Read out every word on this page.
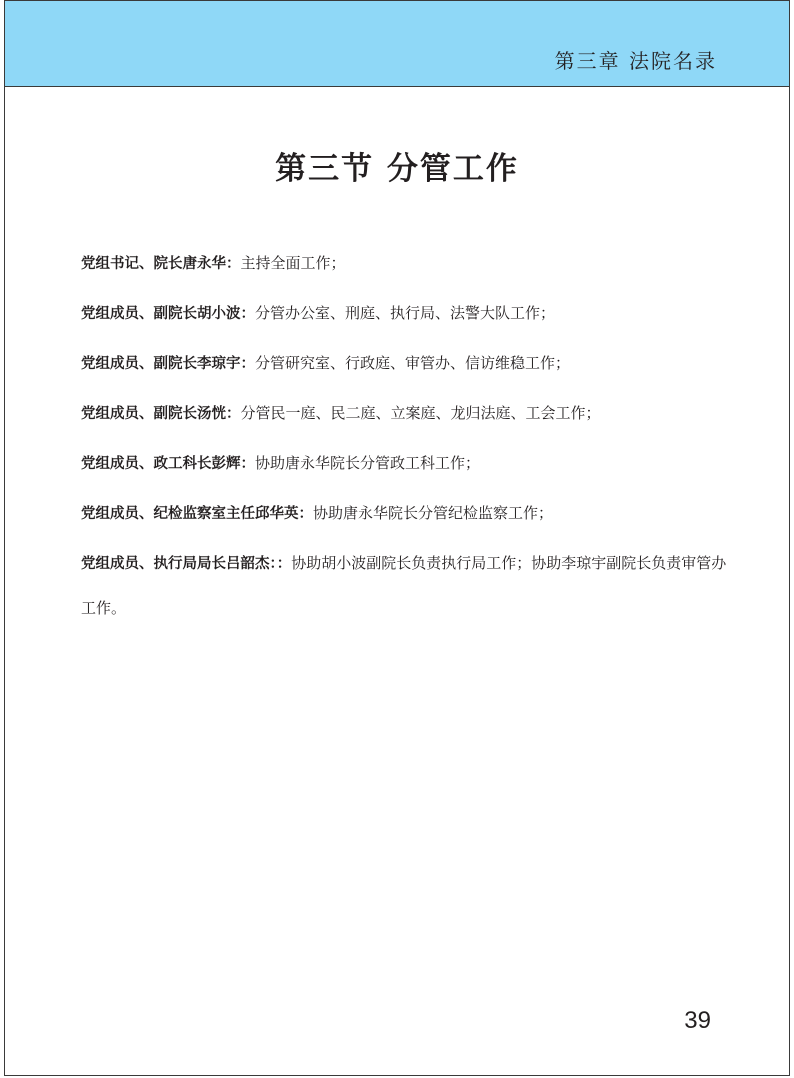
第三章 法院名录
第三节 分管工作
党组书记、院长唐永华：主持全面工作；
党组成员、副院长胡小波：分管办公室、刑庭、执行局、法警大队工作；
党组成员、副院长李琼宇：分管研究室、行政庭、审管办、信访维稳工作；
党组成员、副院长汤恍：分管民一庭、民二庭、立案庭、龙归法庭、工会工作；
党组成员、政工科长彭辉：协助唐永华院长分管政工科工作；
党组成员、纪检监察室主任邱华英：协助唐永华院长分管纪检监察工作；
党组成员、执行局局长吕韶杰：：协助胡小波副院长负责执行局工作；协助李琼宇副院长负责审管办工作。
39
